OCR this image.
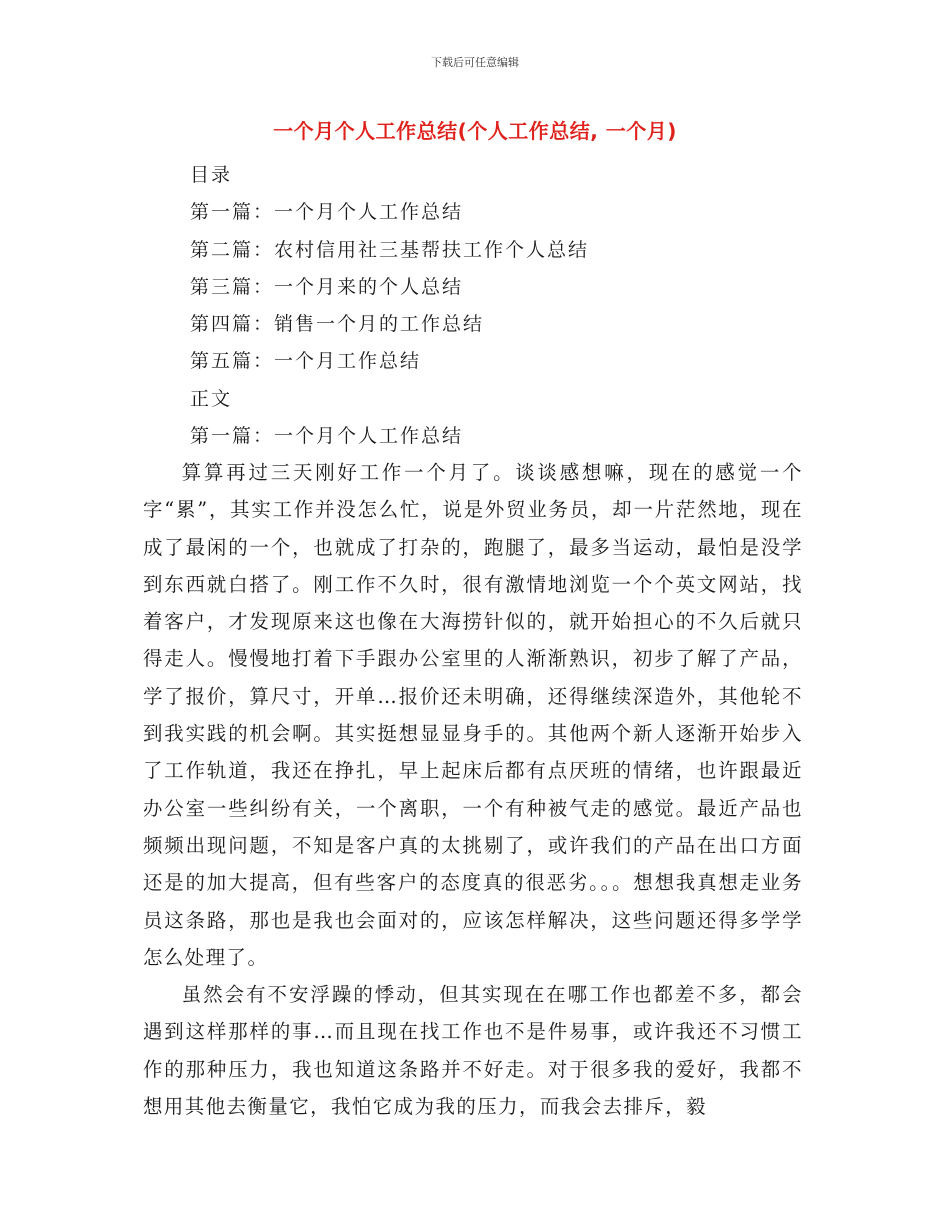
下载后可任意编辑
一个月个人工作总结(个人工作总结, 一个月)
目录
第一篇：一个月个人工作总结
第二篇：农村信用社三基帮扶工作个人总结
第三篇：一个月来的个人总结
第四篇：销售一个月的工作总结
第五篇：一个月工作总结
正文
第一篇：一个月个人工作总结

算算再过三天刚好工作一个月了。谈谈感想嘛，现在的感觉一个字“累”，其实工作并没怎么忙，说是外贸业务员，却一片茫然地，现在成了最闲的一个，也就成了打杂的，跑腿了，最多当运动，最怕是没学到东西就白搭了。刚工作不久时，很有激情地浏览一个个英文网站，找着客户，才发现原来这也像在大海捞针似的，就开始担心的不久后就只得走人。慢慢地打着下手跟办公室里的人渐渐熟识，初步了解了产品，学了报价，算尺寸，开单…报价还未明确，还得继续深造外，其他轮不到我实践的机会啊。其实挺想显显身手的。其他两个新人逐渐开始步入了工作轨道，我还在挣扎，早上起床后都有点厌班的情绪，也许跟最近办公室一些纠纷有关，一个离职，一个有种被气走的感觉。最近产品也频频出现问题，不知是客户真的太挑剔了，或许我们的产品在出口方面还是的加大提高，但有些客户的态度真的很恶劣。。。想想我真想走业务员这条路，那也是我也会面对的，应该怎样解决，这些问题还得多学学怎么处理了。

虽然会有不安浮躁的悸动，但其实现在在哪工作也都差不多，都会遇到这样那样的事…而且现在找工作也不是件易事，或许我还不习惯工作的那种压力，我也知道这条路并不好走。对于很多我的爱好，我都不想用其他去衡量它，我怕它成为我的压力，而我会去排斥，毅
